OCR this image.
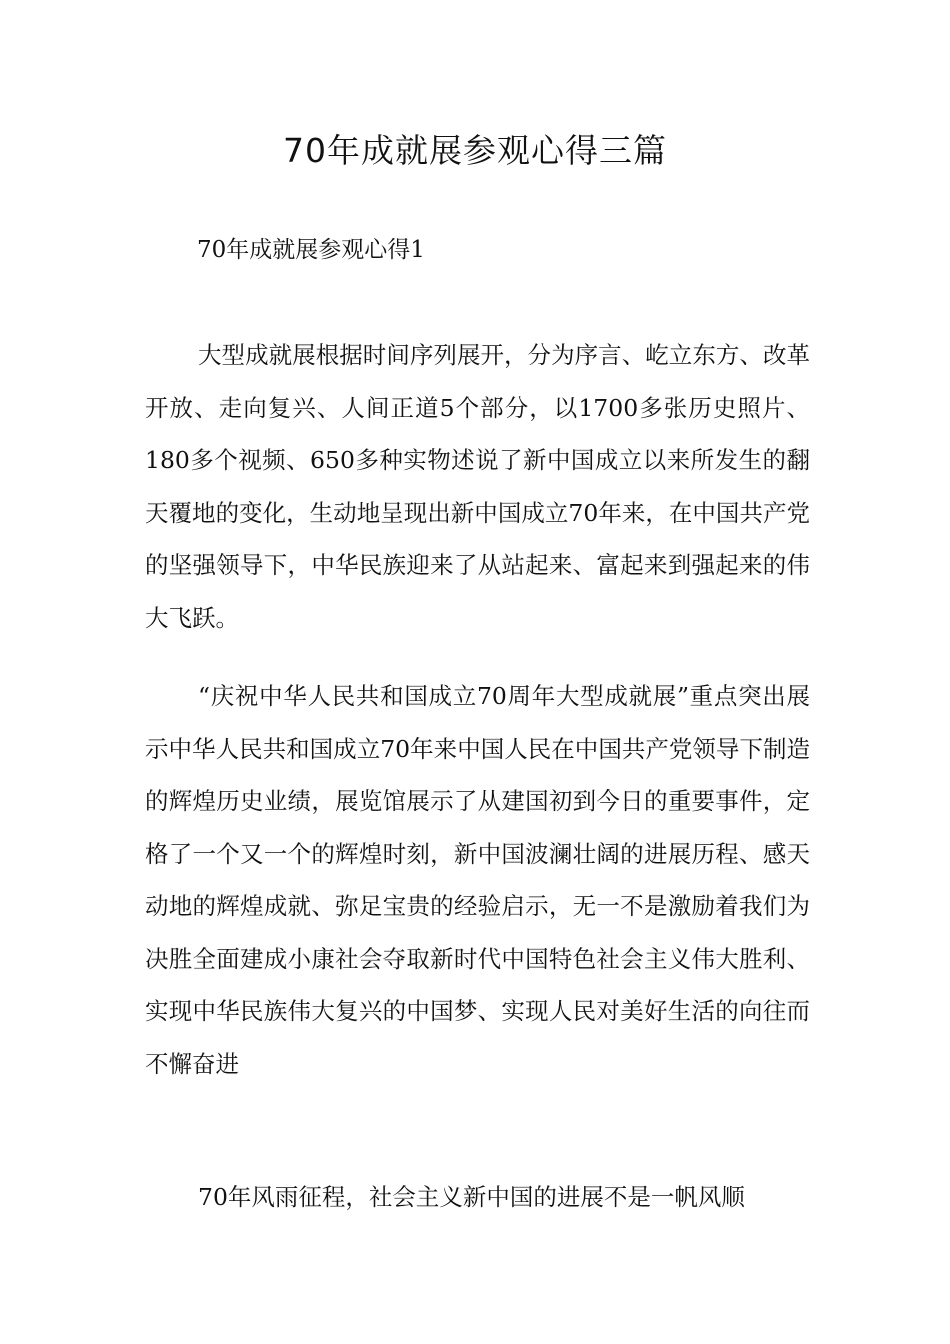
70年成就展参观心得三篇
70年成就展参观心得1

大型成就展根据时间序列展开，分为序言、屹立东方、改革开放、走向复兴、人间正道5个部分，以1700多张历史照片、180多个视频、650多种实物述说了新中国成立以来所发生的翻天覆地的变化，生动地呈现出新中国成立70年来，在中国共产党的坚强领导下，中华民族迎来了从站起来、富起来到强起来的伟大飞跃。

“庆祝中华人民共和国成立70周年大型成就展”重点突出展示中华人民共和国成立70年来中国人民在中国共产党领导下制造的辉煌历史业绩，展览馆展示了从建国初到今日的重要事件，定格了一个又一个的辉煌时刻，新中国波澜壮阔的进展历程、感天动地的辉煌成就、弥足宝贵的经验启示，无一不是激励着我们为决胜全面建成小康社会夺取新时代中国特色社会主义伟大胜利、实现中华民族伟大复兴的中国梦、实现人民对美好生活的向往而不懈奋进

70年风雨征程，社会主义新中国的进展不是一帆风顺
